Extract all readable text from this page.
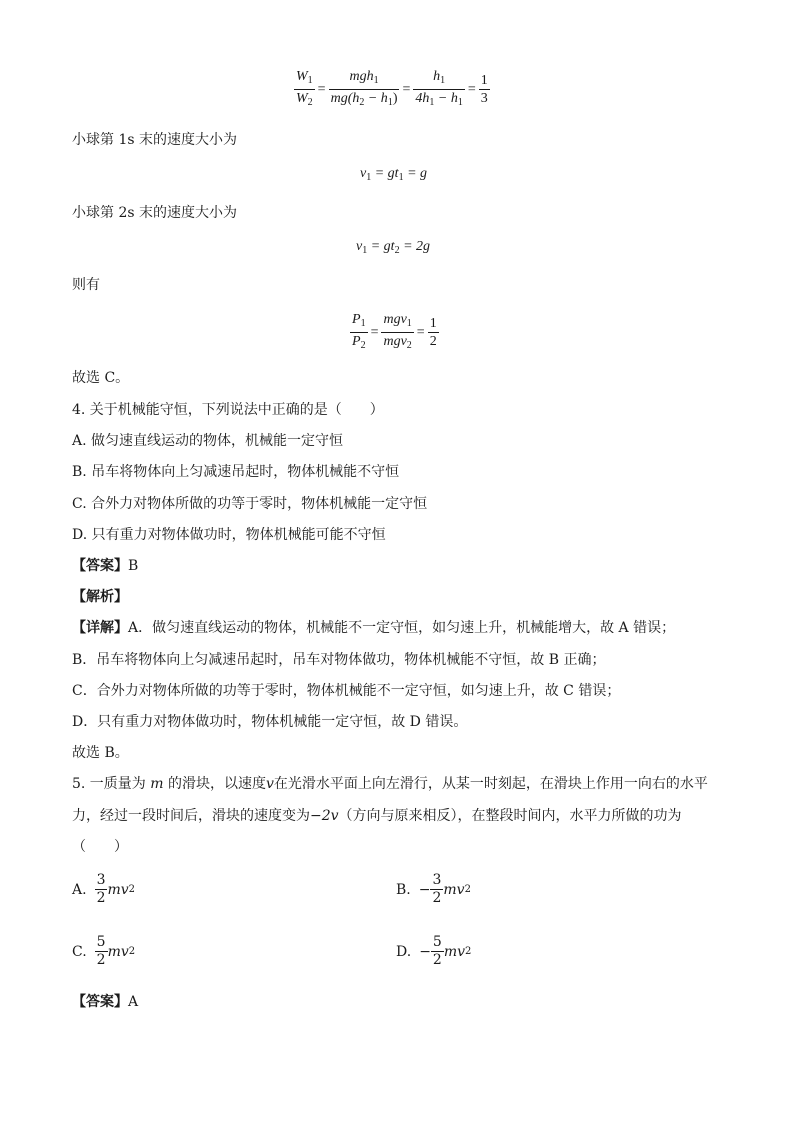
$\frac{W_1}{W_2} = \frac{mgh_1}{mg(h_2 - h_1)} = \frac{h_1}{4h_1 - h_1} = \frac{1}{3}$
小球第 1s 末的速度大小为
$v_1 = gt_1 = g$
小球第 2s 末的速度大小为
$v_1 = gt_2 = 2g$
则有
$\frac{P_1}{P_2} = \frac{mgv_1}{mgv_2} = \frac{1}{2}$
故选 C。
4. 关于机械能守恒，下列说法中正确的是（　　）
A. 做匀速直线运动的物体，机械能一定守恒
B. 吊车将物体向上匀减速吊起时，物体机械能不守恒
C. 合外力对物体所做的功等于零时，物体机械能一定守恒
D. 只有重力对物体做功时，物体机械能可能不守恒
【答案】B
【解析】
【详解】A．做匀速直线运动的物体，机械能不一定守恒，如匀速上升，机械能增大，故 A 错误；
B．吊车将物体向上匀减速吊起时，吊车对物体做功，物体机械能不守恒，故 B 正确；
C．合外力对物体所做的功等于零时，物体机械能不一定守恒，如匀速上升，故 C 错误；
D．只有重力对物体做功时，物体机械能一定守恒，故 D 错误。
故选 B。
5. 一质量为 m 的滑块，以速度v在光滑水平面上向左滑行，从某一时刻起，在滑块上作用一向右的水平
力，经过一段时间后，滑块的速度变为−2v（方向与原来相反），在整段时间内，水平力所做的功为
（　　）
A. $\frac{3}{2}$ mv 2	B. − $\frac{3}{2}$ mv 2
C. $\frac{5}{2}$ mv 2	D. − $\frac{5}{2}$ mv 2
【答案】A
